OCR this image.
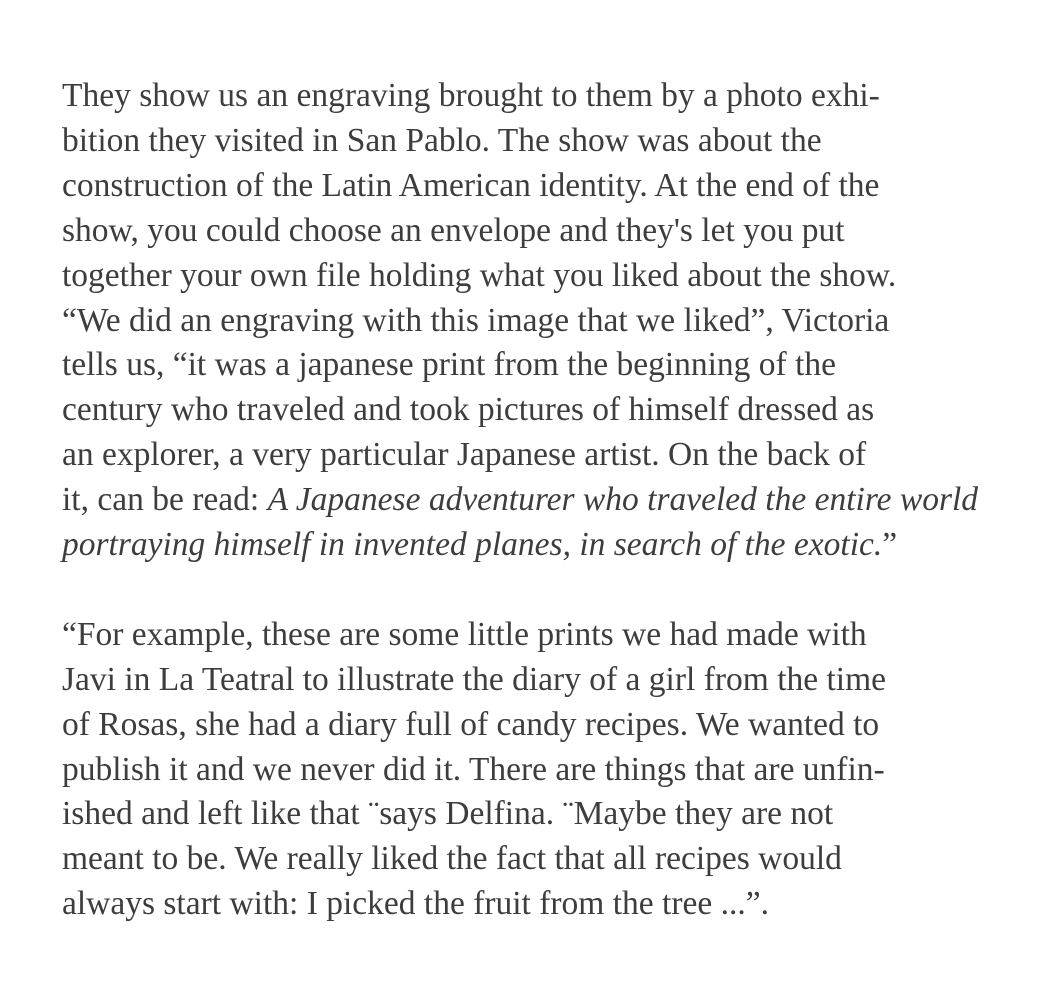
They show us an engraving brought to them by a photo exhi-
bition they visited in San Pablo. The show was about the
construction of the Latin American identity. At the end of the
show, you could choose an envelope and they's let you put
together your own file holding what you liked about the show.
“We did an engraving with this image that we liked”, Victoria
tells us, “it was a japanese print from the beginning of the
century who traveled and took pictures of himself dressed as
an explorer, a very particular Japanese artist. On the back of
it, can be read: A Japanese adventurer who traveled the entire world
portraying himself in invented planes, in search of the exotic.”

“For example, these are some little prints we had made with
Javi in La Teatral to illustrate the diary of a girl from the time
of Rosas, she had a diary full of candy recipes. We wanted to
publish it and we never did it. There are things that are unfin-
ished and left like that ¨says Delfina. ¨Maybe they are not
meant to be. We really liked the fact that all recipes would
always start with: I picked the fruit from the tree ...”.
